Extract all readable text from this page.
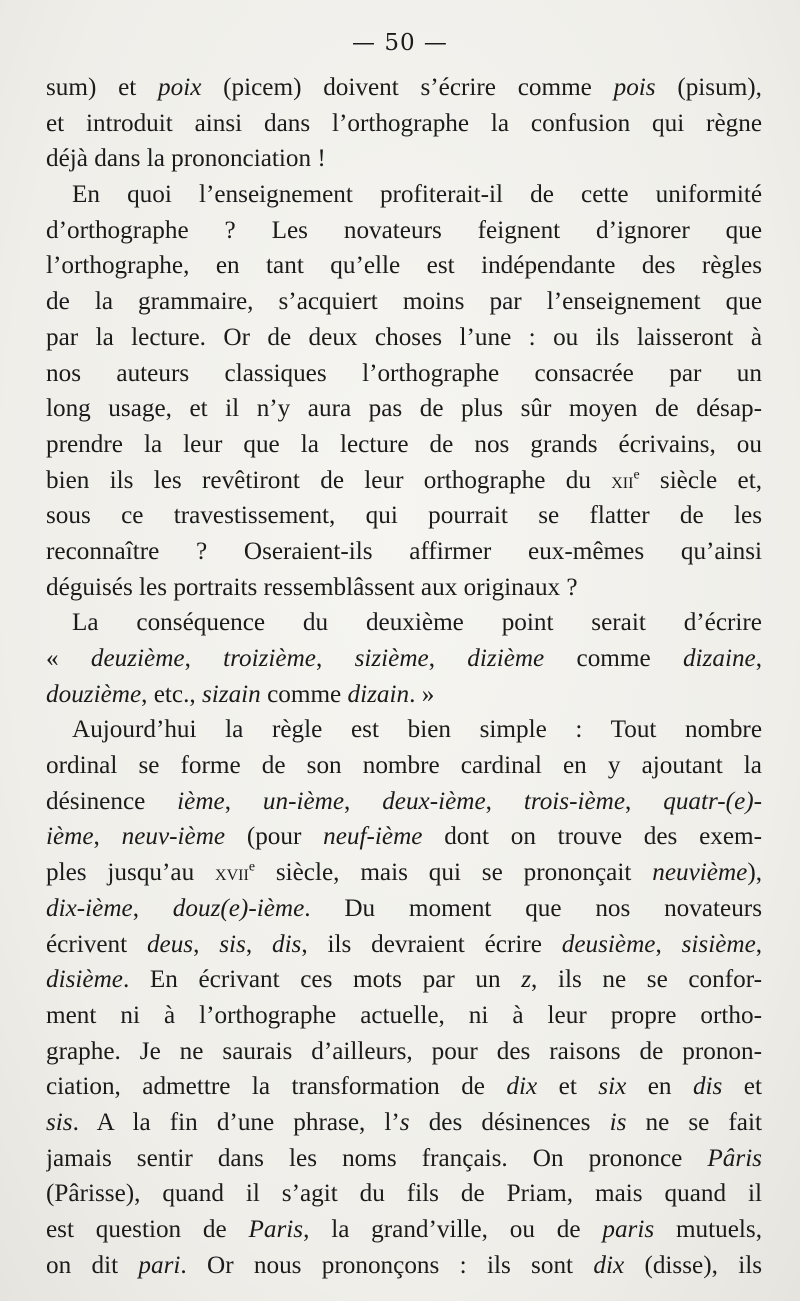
— 50 —
sum) et poix (picem) doivent s’écrire comme pois (pisum),
et introduit ainsi dans l’orthographe la confusion qui règne
déjà dans la prononciation !
En quoi l’enseignement profiterait-il de cette uniformité
d’orthographe ? Les novateurs feignent d’ignorer que
l’orthographe, en tant qu’elle est indépendante des règles
de la grammaire, s’acquiert moins par l’enseignement que
par la lecture. Or de deux choses l’une : ou ils laisseront à
nos auteurs classiques l’orthographe consacrée par un
long usage, et il n’y aura pas de plus sûr moyen de désap-
prendre la leur que la lecture de nos grands écrivains, ou
bien ils les revêtiront de leur orthographe du xii$^e$ siècle et,
sous ce travestissement, qui pourrait se flatter de les
reconnaître ? Oseraient-ils affirmer eux-mêmes qu’ainsi
déguisés les portraits ressemblâssent aux originaux ?
La conséquence du deuxième point serait d’écrire
« deuzième, troizième, sizième, dizième comme dizaine,
douzième, etc., sizain comme dizain. »
Aujourd’hui la règle est bien simple : Tout nombre
ordinal se forme de son nombre cardinal en y ajoutant la
désinence ième, un-ième, deux-ième, trois-ième, quatr-(e)-
ième, neuv-ième (pour neuf-ième dont on trouve des exem-
ples jusqu’au xvii$^e$ siècle, mais qui se prononçait neuvième),
dix-ième, douz(e)-ième. Du moment que nos novateurs
écrivent deus, sis, dis, ils devraient écrire deusième, sisième,
disième. En écrivant ces mots par un z, ils ne se confor-
ment ni à l’orthographe actuelle, ni à leur propre ortho-
graphe. Je ne saurais d’ailleurs, pour des raisons de pronon-
ciation, admettre la transformation de dix et six en dis et
sis. A la fin d’une phrase, l’s des désinences is ne se fait
jamais sentir dans les noms français. On prononce Pâris
(Pârisse), quand il s’agit du fils de Priam, mais quand il
est question de Paris, la grand’ville, ou de paris mutuels,
on dit pari. Or nous prononçons : ils sont dix (disse), ils
